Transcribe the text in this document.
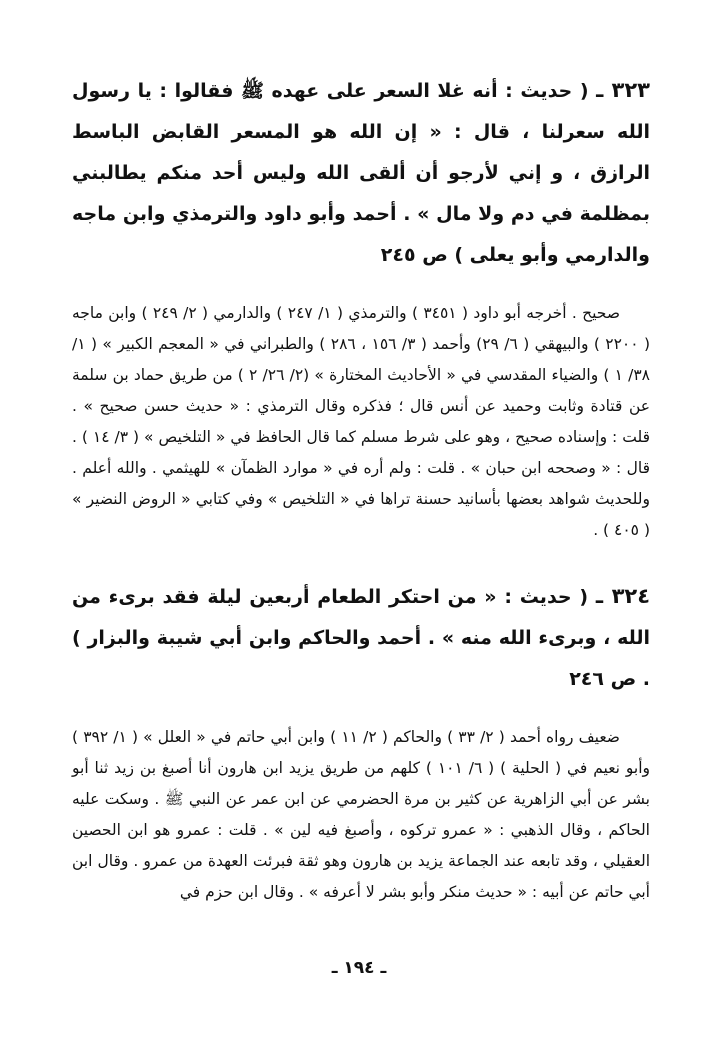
٣٢٣ ـ ( حديث : أنه غلا السعر على عهده ﷺ فقالوا : يا رسول الله سعرلنا ، قال : « إن الله هو المسعر القابض الباسط الرازق ، و إني لأرجو أن ألقى الله وليس أحد منكم يطالبني بمظلمة في دم ولا مال » . أحمد وأبو داود والترمذي وابن ماجه والدارمي وأبو يعلى ) ص ٢٤٥

صحيح . أخرجه أبو داود ( ٣٤٥١ ) والترمذي ( ١/ ٢٤٧ ) والدارمي ( ٢/ ٢٤٩ ) وابن ماجه ( ٢٢٠٠ ) والبيهقي ( ٦/ ٢٩) وأحمد ( ٣/ ١٥٦ ، ٢٨٦ ) والطبراني في « المعجم الكبير » ( ١/ ٣٨/ ١ ) والضياء المقدسي في « الأحاديث المختارة » (٢/ ٢٦/ ٢ ) من طريق حماد بن سلمة عن قتادة وثابت وحميد عن أنس قال ؛ فذكره وقال الترمذي : « حديث حسن صحيح » . قلت : وإسناده صحيح ، وهو على شرط مسلم كما قال الحافظ في « التلخيص » ( ٣/ ١٤ ) . قال : « وصححه ابن حبان » . قلت : ولم أره في « موارد الظمآن » للهيثمي . والله أعلم . وللحديث شواهد بعضها بأسانيد حسنة تراها في « التلخيص » وفي كتابي « الروض النضير » ( ٤٠٥ ) .

٣٢٤ ـ ( حديث : « من احتكر الطعام أربعين ليلة فقد برىء من الله ، وبرىء الله منه » . أحمد والحاكم وابن أبي شيبة والبزار ) . ص ٢٤٦

ضعيف رواه أحمد ( ٢/ ٣٣ ) والحاكم ( ٢/ ١١ ) وابن أبي حاتم في « العلل » ( ١/ ٣٩٢ ) وأبو نعيم في ( الحلية ) ( ٦/ ١٠١ ) كلهم من طريق يزيد ابن هارون أنا أصبغ بن زيد ثنا أبو بشر عن أبي الزاهرية عن كثير بن مرة الحضرمي عن ابن عمر عن النبي ﷺ . وسكت عليه الحاكم ، وقال الذهبي : « عمرو تركوه ، وأصبغ فيه لين » . قلت : عمرو هو ابن الحصين العقيلي ، وقد تابعه عند الجماعة يزيد بن هارون وهو ثقة فبرئت العهدة من عمرو . وقال ابن أبي حاتم عن أبيه : « حديث منكر وأبو بشر لا أعرفه » . وقال ابن حزم في

ـ ١٩٤ ـ
